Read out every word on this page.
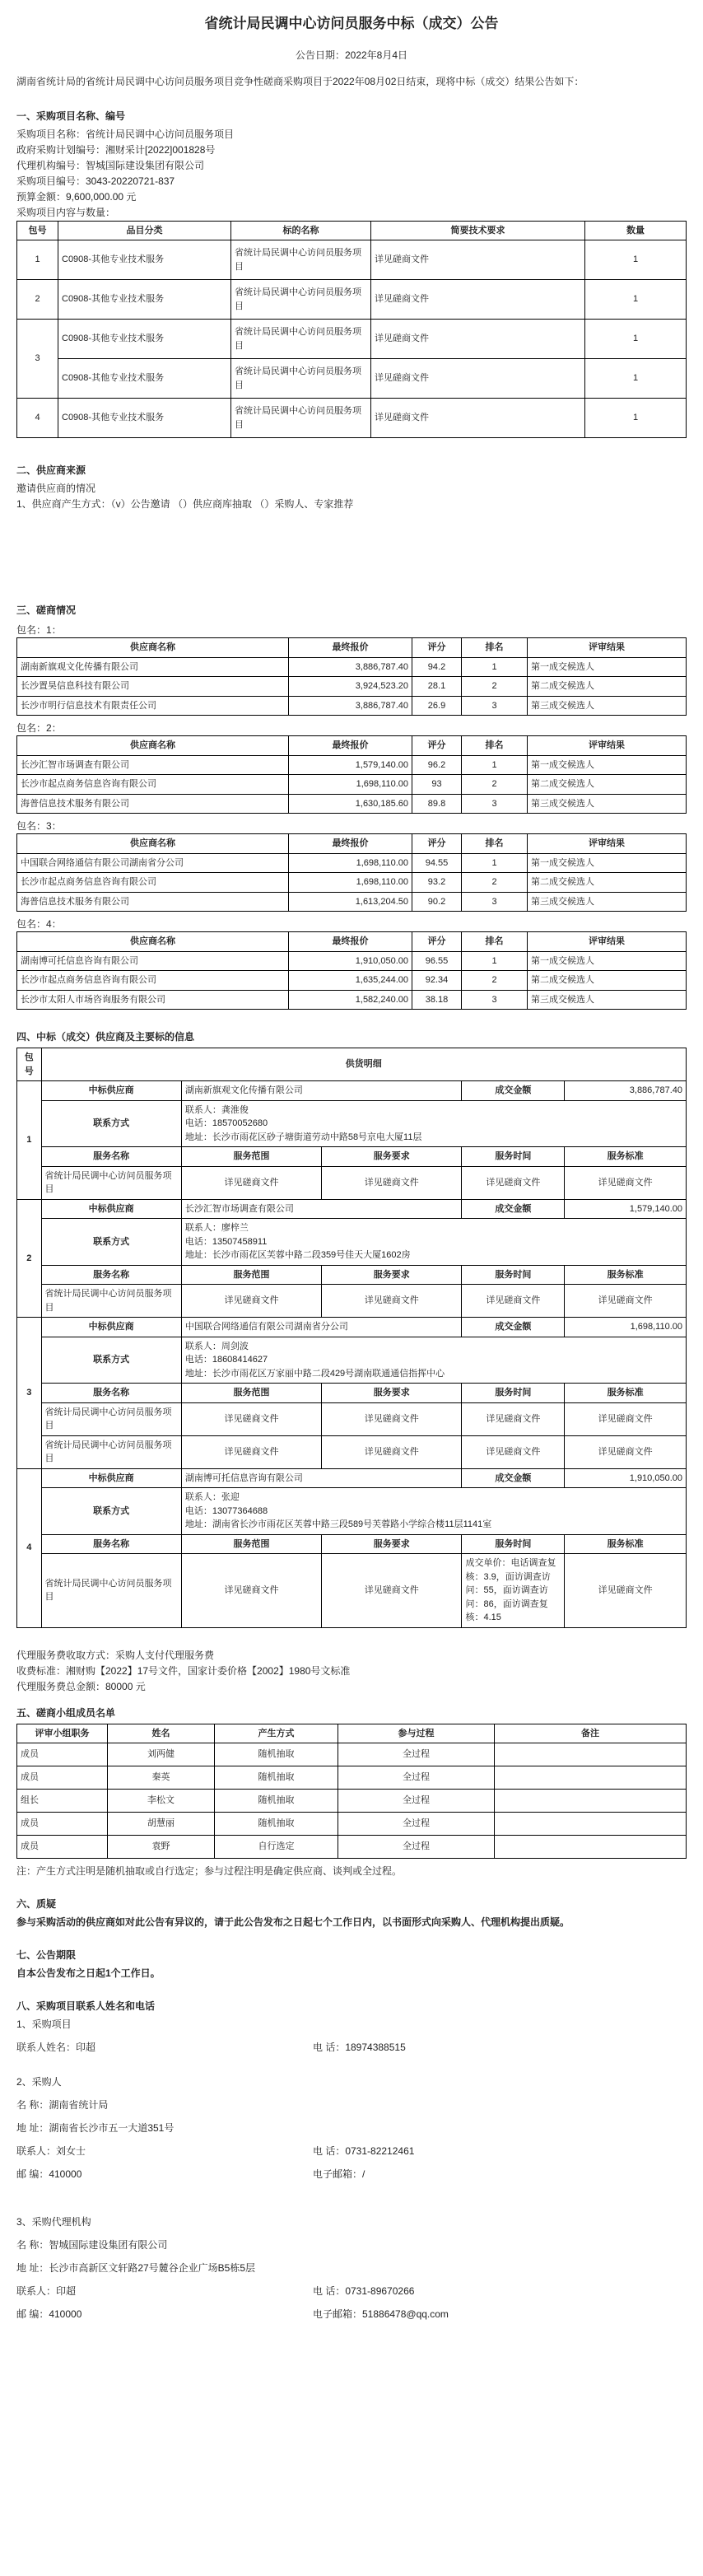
省统计局民调中心访问员服务中标（成交）公告
公告日期：2022年8月4日
湖南省统计局的省统计局民调中心访问员服务项目竞争性磋商采购项目于2022年08月02日结束，现将中标（成交）结果公告如下：
一、采购项目名称、编号
采购项目名称：省统计局民调中心访问员服务项目
政府采购计划编号：湘财采计[2022]001828号
代理机构编号：智城国际建设集团有限公司
采购项目编号：3043-20220721-837
预算金额：9,600,000.00 元
采购项目内容与数量：
包号	品目分类	标的名称	简要技术要求	数量
1	C0908-其他专业技术服务	省统计局民调中心访问员服务项目	详见磋商文件	1
2	C0908-其他专业技术服务	省统计局民调中心访问员服务项目	详见磋商文件	1
3	C0908-其他专业技术服务	省统计局民调中心访问员服务项目	详见磋商文件	1
	C0908-其他专业技术服务	省统计局民调中心访问员服务项目	详见磋商文件	1
4	C0908-其他专业技术服务	省统计局民调中心访问员服务项目	详见磋商文件	1
二、供应商来源
邀请供应商的情况
1、供应商产生方式：（v）公告邀请 （）供应商库抽取 （）采购人、专家推荐
三、磋商情况
包名：1：
供应商名称	最终报价	评分	排名	评审结果
湖南新旗观文化传播有限公司	3,886,787.40	94.2	1	第一成交候选人
长沙置昊信息科技有限公司	3,924,523.20	28.1	2	第二成交候选人
长沙市明行信息技术有限责任公司	3,886,787.40	26.9	3	第三成交候选人
包名：2：
供应商名称	最终报价	评分	排名	评审结果
长沙汇智市场调查有限公司	1,579,140.00	96.2	1	第一成交候选人
长沙市起点商务信息咨询有限公司	1,698,110.00	93	2	第二成交候选人
海普信息技术服务有限公司	1,630,185.60	89.8	3	第三成交候选人
包名：3：
供应商名称	最终报价	评分	排名	评审结果
中国联合网络通信有限公司湖南省分公司	1,698,110.00	94.55	1	第一成交候选人
长沙市起点商务信息咨询有限公司	1,698,110.00	93.2	2	第二成交候选人
海普信息技术服务有限公司	1,613,204.50	90.2	3	第三成交候选人
包名：4：
供应商名称	最终报价	评分	排名	评审结果
湖南博可托信息咨询有限公司	1,910,050.00	96.55	1	第一成交候选人
长沙市起点商务信息咨询有限公司	1,635,244.00	92.34	2	第二成交候选人
长沙市太阳人市场咨询服务有限公司	1,582,240.00	38.18	3	第三成交候选人
四、中标（成交）供应商及主要标的信息
包号	供货明细				
1	中标供应商	湖南新旗观文化传播有限公司		成交金额	3,886,787.40
	联系方式	联系人：龚淮俊
电话：18570052680
地址：长沙市雨花区砂子塘街道劳动中路58号京电大厦11层			

	服务名称	服务范围	服务要求	服务时间	服务标准
	省统计局民调中心访问员服务项目	详见磋商文件	详见磋商文件	详见磋商文件	详见磋商文件
2	中标供应商	长沙汇智市场调查有限公司		成交金额	1,579,140.00
	联系方式	联系人：廖梓兰
电话：13507458911
地址：长沙市雨花区芙蓉中路二段359号佳天大厦1602房			

	服务名称	服务范围	服务要求	服务时间	服务标准
	省统计局民调中心访问员服务项目	详见磋商文件	详见磋商文件	详见磋商文件	详见磋商文件
3	中标供应商	中国联合网络通信有限公司湖南省分公司		成交金额	1,698,110.00
	联系方式	联系人：周剑波
电话：18608414627
地址：长沙市雨花区万家丽中路二段429号湖南联通通信指挥中心			

	服务名称	服务范围	服务要求	服务时间	服务标准
	省统计局民调中心访问员服务项目	详见磋商文件	详见磋商文件	详见磋商文件	详见磋商文件
	省统计局民调中心访问员服务项目	详见磋商文件	详见磋商文件	详见磋商文件	详见磋商文件
4	中标供应商	湖南博可托信息咨询有限公司		成交金额	1,910,050.00
	联系方式	联系人：张迎
电话：13077364688
地址：湖南省长沙市雨花区芙蓉中路三段589号芙蓉路小学综合楼11层1141室			

	服务名称	服务范围	服务要求	服务时间	服务标准
	省统计局民调中心访问员服务项目	详见磋商文件	详见磋商文件	成交单价：电话调查复核：3.9，面访调查访问：55，面访调查访问：86，面访调查复核：4.15	详见磋商文件
代理服务费收取方式：采购人支付代理服务费
收费标准：湘财购【2022】17号文件，国家计委价格【2002】1980号文标准
代理服务费总金额：80000 元
五、磋商小组成员名单
评审小组职务	姓名	产生方式	参与过程	备注
成员	刘两健	随机抽取	全过程	
成员	秦英	随机抽取	全过程	
组长	李松文	随机抽取	全过程	
成员	胡慧丽	随机抽取	全过程	
成员	袁野	自行选定	全过程	
注：产生方式注明是随机抽取或自行选定；参与过程注明是确定供应商、谈判或全过程。
六、质疑
参与采购活动的供应商如对此公告有异议的，请于此公告发布之日起七个工作日内，以书面形式向采购人、代理机构提出质疑。
七、公告期限
自本公告发布之日起1个工作日。
八、采购项目联系人姓名和电话
1、采购项目
联系人姓名：印超	电 话：18974388515
2、采购人
名 称：湖南省统计局
地 址：湖南省长沙市五一大道351号
联系人：刘女士	电 话：0731-82212461
邮 编：410000	电子邮箱：/
3、采购代理机构
名 称：智城国际建设集团有限公司
地 址：长沙市高新区文轩路27号麓谷企业广场B5栋5层
联系人：印超	电 话：0731-89670266
邮 编：410000	电子邮箱：51886478@qq.com
